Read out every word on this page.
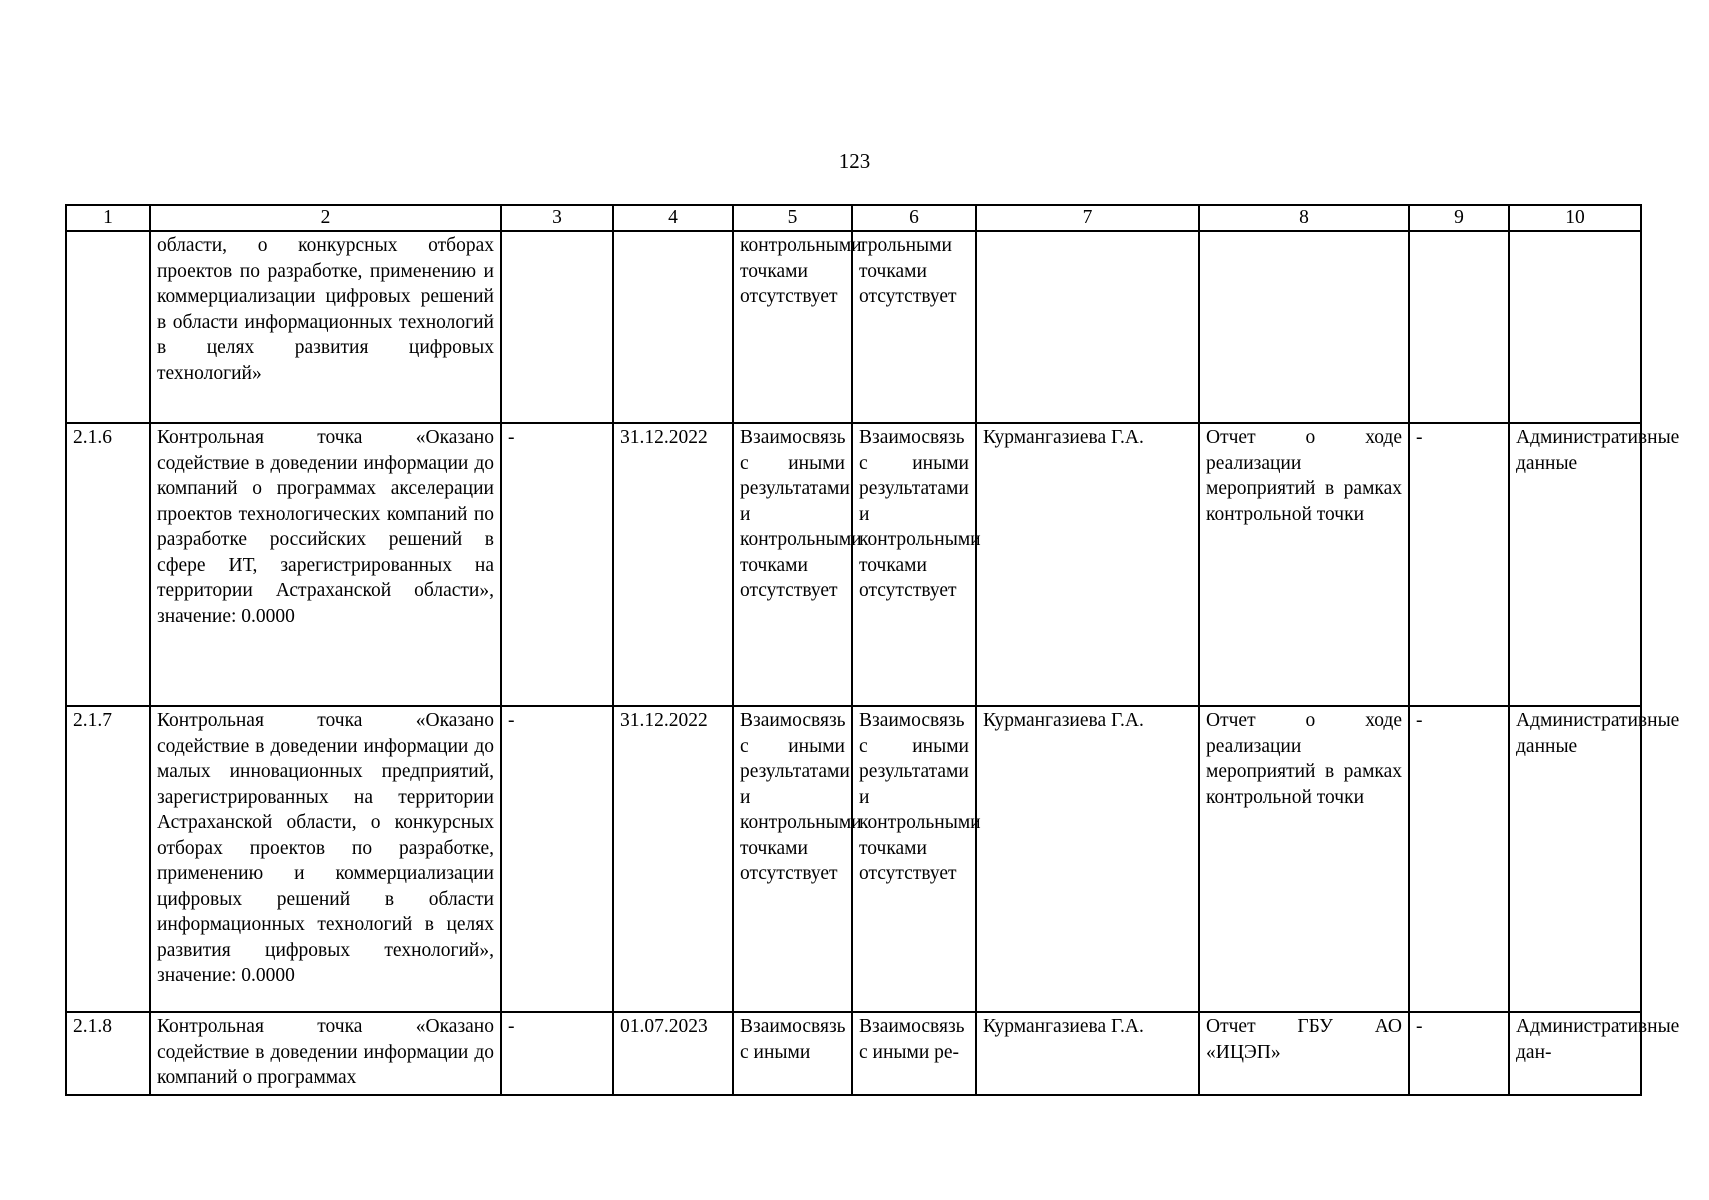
123
1	2	3	4	5	6	7	8	9	10
	области, о конкурсных отборах проектов по разработке, применению и коммерциализации цифровых решений в области информационных технологий в целях развития цифровых технологий»			контрольными точками отсутствует	трольными точками отсутствует				
2.1.6	Контрольная точка «Оказано содействие в доведении информации до компаний о программах акселерации проектов технологических компаний по разработке российских решений в сфере ИТ, зарегистрированных на территории Астраханской области», значение: 0.0000	-	31.12.2022	Взаимосвязь с иными результатами и контрольными точками отсутствует	Взаимосвязь с иными результатами и контрольными точками отсутствует	Курмангазиева Г.А.	Отчет о ходе реализации мероприятий в рамках контрольной точки	-	Административные данные
2.1.7	Контрольная точка «Оказано содействие в доведении информации до малых инновационных предприятий, зарегистрированных на территории Астраханской области, о конкурсных отборах проектов по разработке, применению и коммерциализации цифровых решений в области информационных технологий в целях развития цифровых технологий», значение: 0.0000	-	31.12.2022	Взаимосвязь с иными результатами и контрольными точками отсутствует	Взаимосвязь с иными результатами и контрольными точками отсутствует	Курмангазиева Г.А.	Отчет о ходе реализации мероприятий в рамках контрольной точки	-	Административные данные
2.1.8	Контрольная точка «Оказано содействие в доведении информации до компаний о программах	-	01.07.2023	Взаимосвязь с иными	Взаимосвязь с иными ре-	Курмангазиева Г.А.	Отчет ГБУ АО «ИЦЭП»	-	Административные дан-
